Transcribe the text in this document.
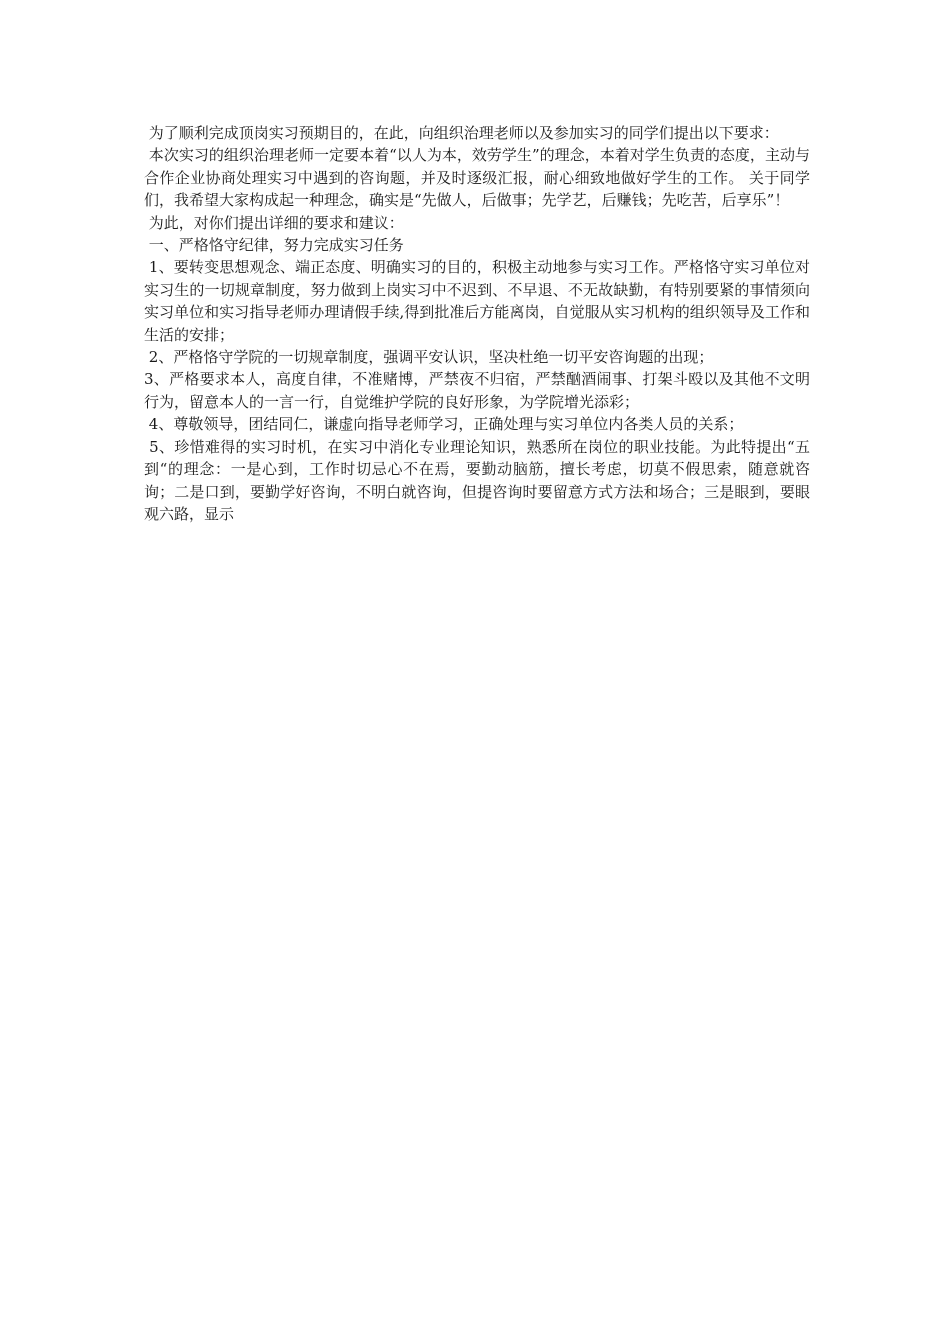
为了顺利完成顶岗实习预期目的，在此，向组织治理老师以及参加实习的同学们提出以下要求：

本次实习的组织治理老师一定要本着“以人为本，效劳学生”的理念，本着对学生负责的态度，主动与合作企业协商处理实习中遇到的咨询题，并及时逐级汇报，耐心细致地做好学生的工作。 关于同学们，我希望大家构成起一种理念，确实是“先做人，后做事；先学艺，后赚钱；先吃苦，后享乐”！

为此，对你们提出详细的要求和建议：

一、严格恪守纪律，努力完成实习任务

1、要转变思想观念、端正态度、明确实习的目的，积极主动地参与实习工作。严格恪守实习单位对实习生的一切规章制度，努力做到上岗实习中不迟到、不早退、不无故缺勤，有特别要紧的事情须向实习单位和实习指导老师办理请假手续,得到批准后方能离岗，自觉服从实习机构的组织领导及工作和生活的安排；

2、严格恪守学院的一切规章制度，强调平安认识，坚决杜绝一切平安咨询题的出现；

3、严格要求本人，高度自律，不准赌博，严禁夜不归宿，严禁酗酒闹事、打架斗殴以及其他不文明行为，留意本人的一言一行，自觉维护学院的良好形象，为学院增光添彩；

4、尊敬领导，团结同仁，谦虚向指导老师学习，正确处理与实习单位内各类人员的关系；

5、珍惜难得的实习时机，在实习中消化专业理论知识，熟悉所在岗位的职业技能。为此特提出“五到“的理念：一是心到，工作时切忌心不在焉，要勤动脑筋，擅长考虑，切莫不假思索，随意就咨询；二是口到，要勤学好咨询，不明白就咨询，但提咨询时要留意方式方法和场合；三是眼到，要眼观六路，显示
